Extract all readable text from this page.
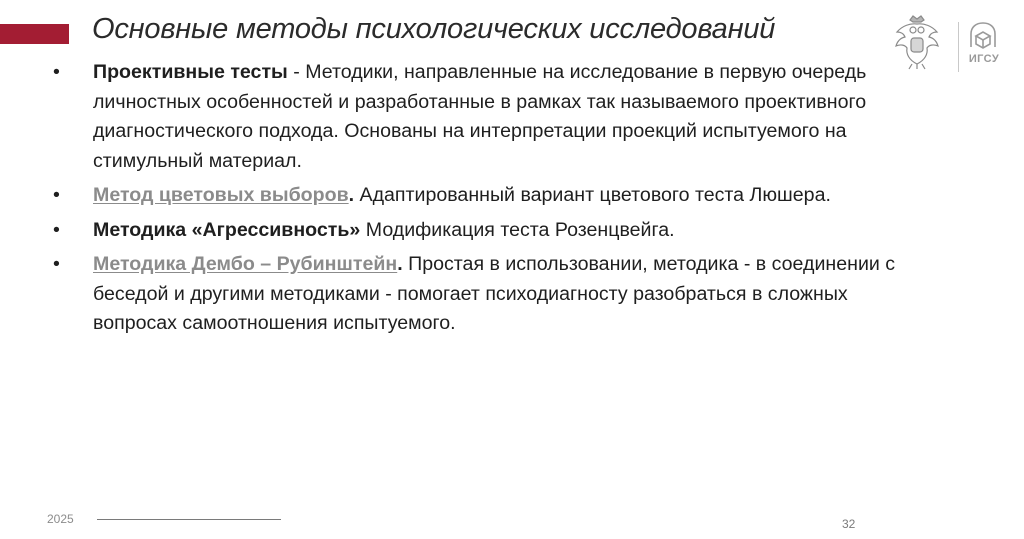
Основные методы психологических исследований
ИГСУ
• Проективные тесты - Методики, направленные на исследование в первую очередь личностных особенностей и разработанные в рамках так называемого проективного диагностического подхода. Основаны на интерпретации проекций испытуемого на стимульный материал.
• Метод цветовых выборов. Адаптированный вариант цветового теста Люшера.
• Методика «Агрессивность» Модификация теста Розенцвейга.
• Методика Дембо – Рубинштейн. Простая в использовании, методика - в соединении с беседой и другими методиками - помогает психодиагносту разобраться в сложных вопросах самоотношения испытуемого.
2025	32
